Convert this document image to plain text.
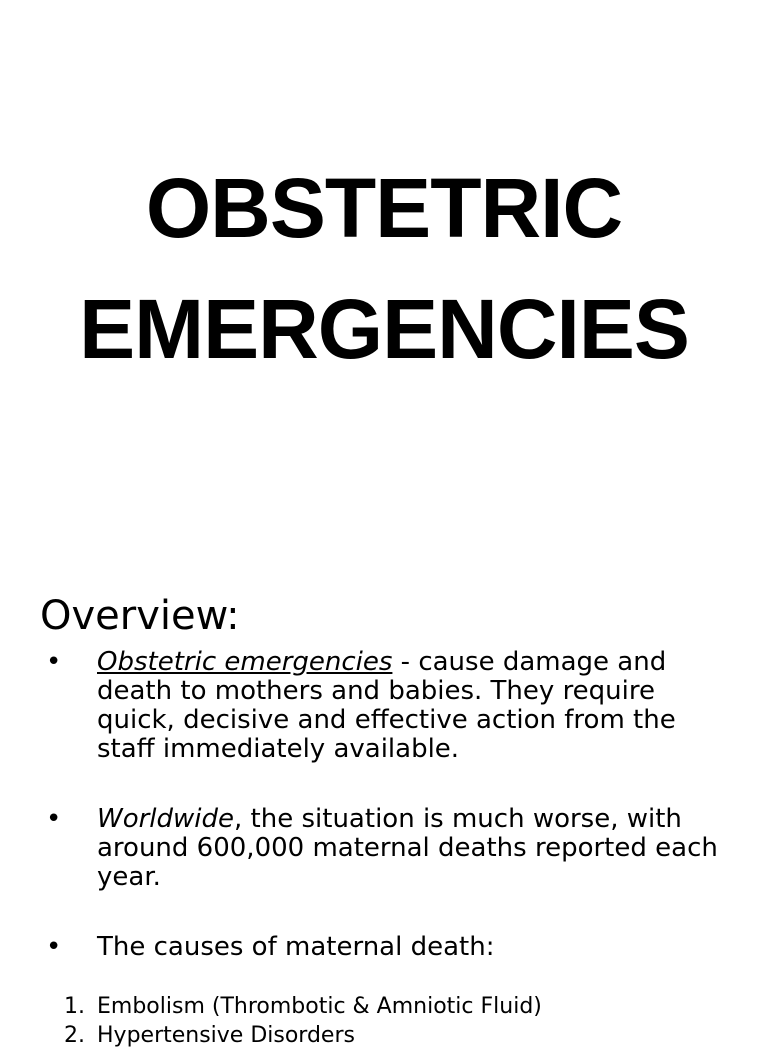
OBSTETRIC
EMERGENCIES
Overview:
• Obstetric emergencies - cause damage and death to mothers and babies. They require quick, decisive and effective action from the staff immediately available.
• Worldwide, the situation is much worse, with around 600,000 maternal deaths reported each year.
• The causes of maternal death:
1. Embolism (Thrombotic & Amniotic Fluid)
2. Hypertensive Disorders
